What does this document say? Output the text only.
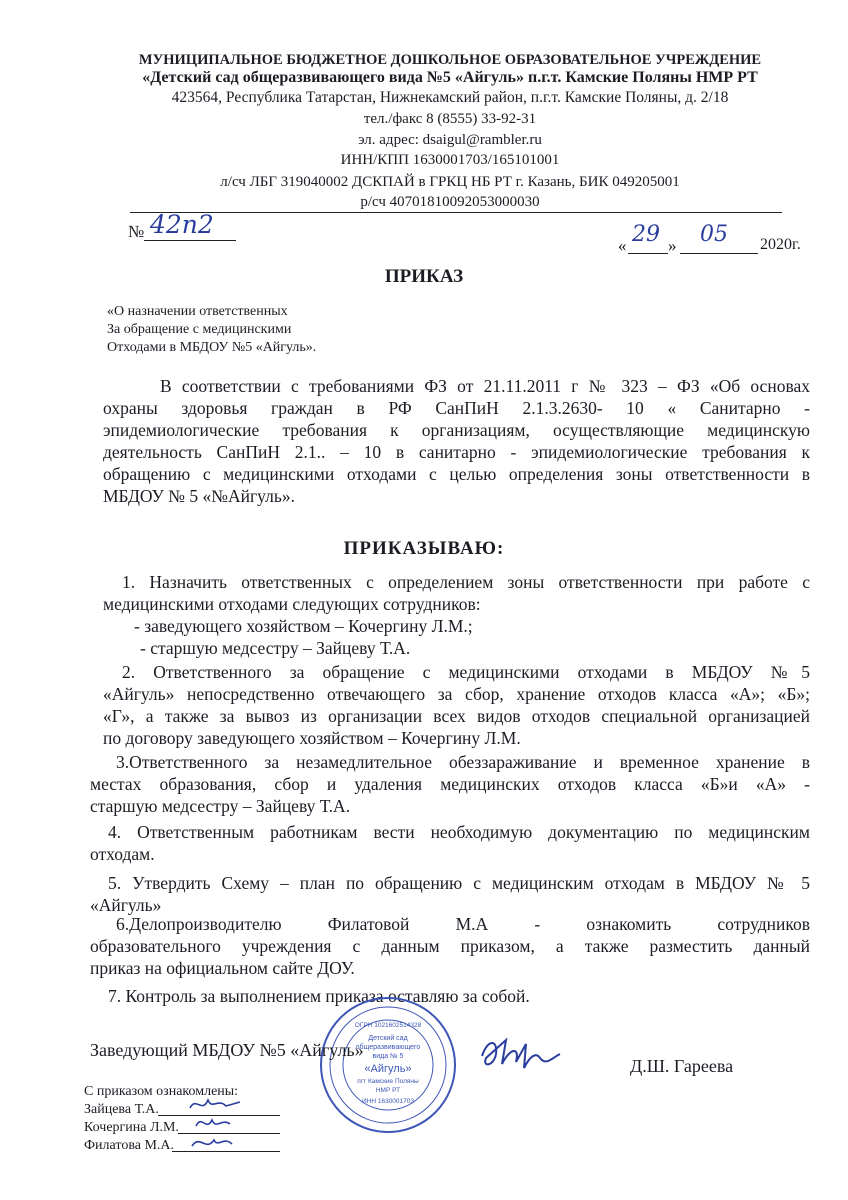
МУНИЦИПАЛЬНОЕ БЮДЖЕТНОЕ ДОШКОЛЬНОЕ ОБРАЗОВАТЕЛЬНОЕ УЧРЕЖДЕНИЕ
«Детский сад общеразвивающего вида №5 «Айгуль» п.г.т. Камские Поляны НМР РТ
423564, Республика Татарстан, Нижнекамский район, п.г.т. Камские Поляны, д. 2/18
тел./факс 8 (8555) 33-92-31
эл. адрес: dsaigul@rambler.ru
ИНН/КПП 1630001703/165101001
л/сч ЛБГ 319040002 ДСКПАЙ в ГРКЦ НБ РТ г. Казань, БИК 049205001
р/сч 40701810092053000030
№ 42п2
« 29 » 05 2020г.
ПРИКАЗ
«О назначении ответственных
За обращение с медицинскими
Отходами в МБДОУ №5 «Айгуль».
В соответствии с требованиями ФЗ от 21.11.2011 г № 323 – ФЗ «Об основах
охраны здоровья граждан в РФ СанПиН 2.1.3.2630- 10 « Санитарно -
эпидемиологические требования к организациям, осуществляющие медицинскую
деятельность СанПиН 2.1.. – 10 в санитарно - эпидемиологические требования к
обращению с медицинскими отходами с целью определения зоны ответственности в
МБДОУ № 5 «№Айгуль».
ПРИКАЗЫВАЮ:
1. Назначить ответственных с определением зоны ответственности при работе с
медицинскими отходами следующих сотрудников:
- заведующего хозяйством – Кочергину Л.М.;
- старшую медсестру – Зайцеву Т.А.
2. Ответственного за обращение с медицинскими отходами в МБДОУ №5
«Айгуль» непосредственно отвечающего за сбор, хранение отходов класса «А»; «Б»;
«Г», а также за вывоз из организации всех видов отходов специальной организацией
по договору заведующего хозяйством – Кочергину Л.М.
3.Ответственного за незамедлительное обеззараживание и временное хранение в
местах образования, сбор и удаления медицинских отходов класса «Б»и «А» -
старшую медсестру – Зайцеву Т.А.
4. Ответственным работникам вести необходимую документацию по медицинским
отходам.
5. Утвердить Схему – план по обращению с медицинским отходам в МБДОУ № 5
«Айгуль»
6.Делопроизводителю Филатовой М.А - ознакомить сотрудников
образовательного учреждения с данным приказом, а также разместить данный
приказ на официальном сайте ДОУ.
7. Контроль за выполнением приказа оставляю за собой.
ОГРН 1021602514328
Детский сад
общеразвивающего
вида № 5
«Айгуль»
пгт Камские Поляны
НМР РТ
ИНН 1630001703
Заведующий МБДОУ №5 «Айгуль»
Д.Ш. Гареева
С приказом ознакомлены:
Зайцева Т.А.
Кочергина Л.М.
Филатова М.А.
